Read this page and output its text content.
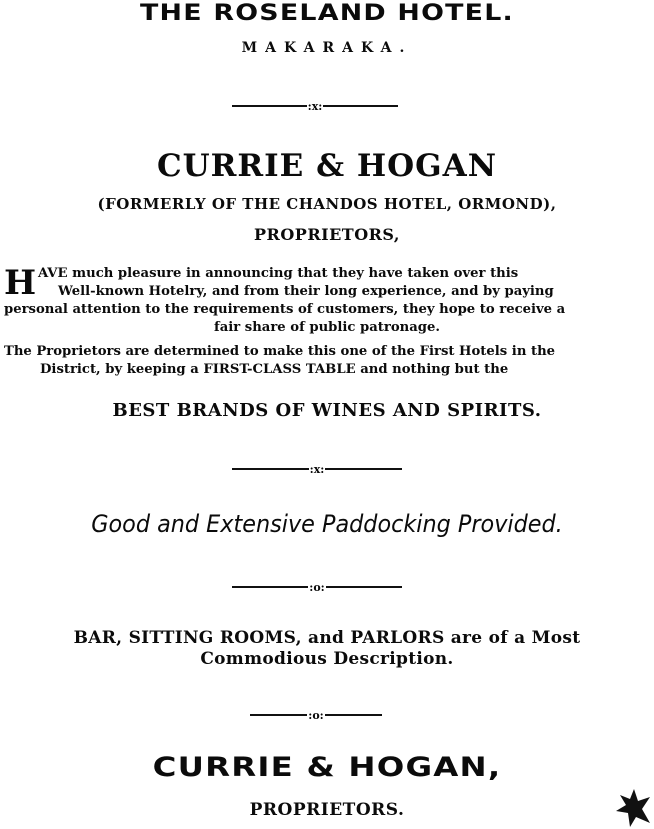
THE ROSELAND HOTEL.
MAKARAKA.
:x:
CURRIE & HOGAN
(FORMERLY OF THE CHANDOS HOTEL, ORMOND),
PROPRIETORS,
H AVE much pleasure in announcing that they have taken over this
Well-known Hotelry, and from their long experience, and by paying
personal attention to the requirements of customers, they hope to receive a
fair share of public patronage.
The Proprietors are determined to make this one of the First Hotels in the
District, by keeping a FIRST-CLASS TABLE and nothing but the
BEST BRANDS OF WINES AND SPIRITS.
:x:
Good and Extensive Paddocking Provided.
:o:
BAR, SITTING ROOMS, and PARLORS are of a Most
Commodious Description.
:o:
CURRIE & HOGAN,
PROPRIETORS.
